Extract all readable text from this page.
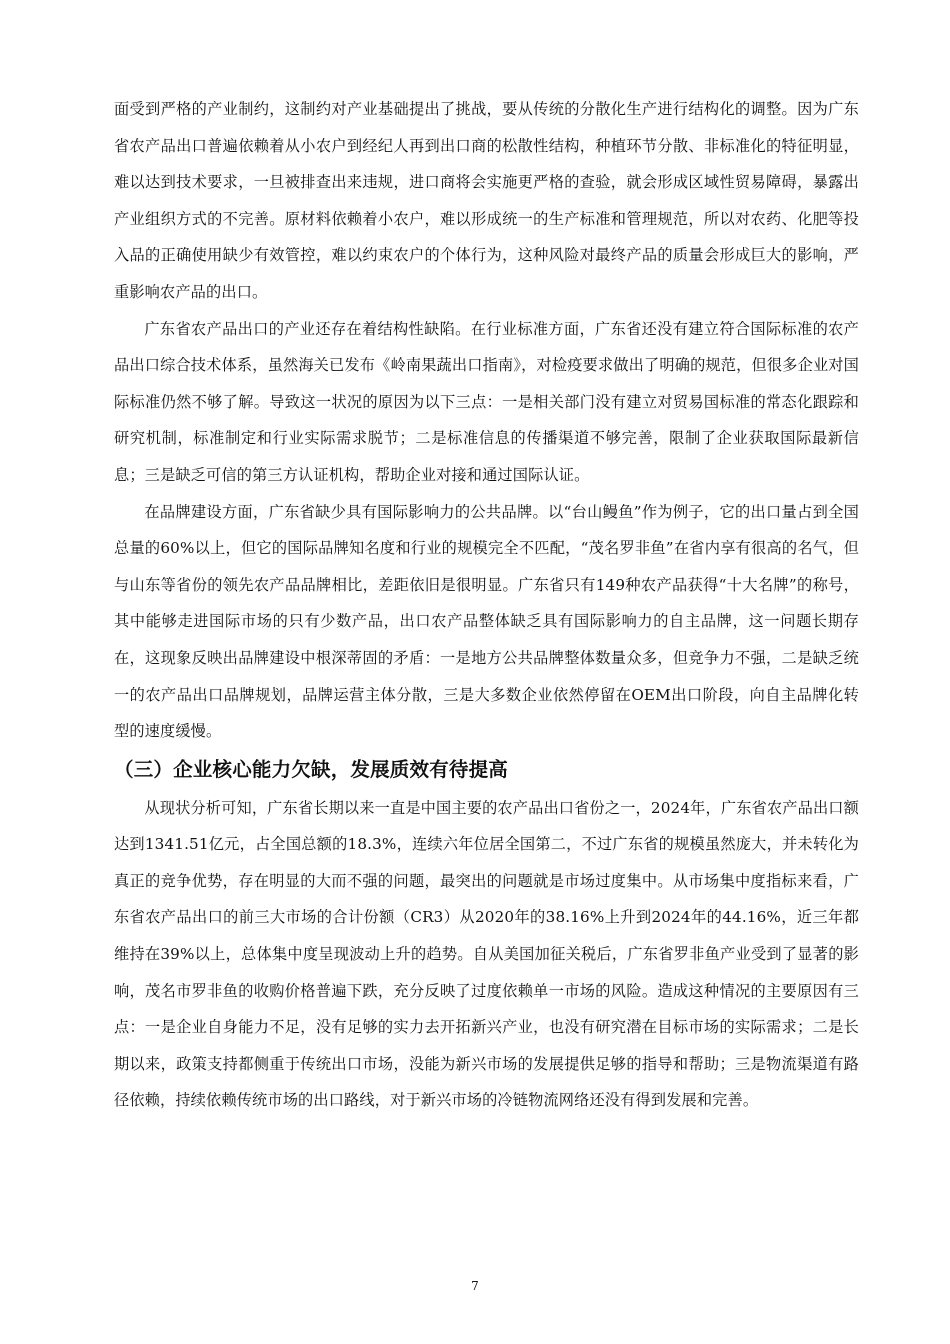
面受到严格的产业制约，这制约对产业基础提出了挑战，要从传统的分散化生产进行结构化的调整。因为广东省农产品出口普遍依赖着从小农户到经纪人再到出口商的松散性结构，种植环节分散、非标准化的特征明显，难以达到技术要求，一旦被排查出来违规，进口商将会实施更严格的查验，就会形成区域性贸易障碍，暴露出产业组织方式的不完善。原材料依赖着小农户，难以形成统一的生产标准和管理规范，所以对农药、化肥等投入品的正确使用缺少有效管控，难以约束农户的个体行为，这种风险对最终产品的质量会形成巨大的影响，严重影响农产品的出口。

广东省农产品出口的产业还存在着结构性缺陷。在行业标准方面，广东省还没有建立符合国际标准的农产品出口综合技术体系，虽然海关已发布《岭南果蔬出口指南》，对检疫要求做出了明确的规范，但很多企业对国际标准仍然不够了解。导致这一状况的原因为以下三点：一是相关部门没有建立对贸易国标准的常态化跟踪和研究机制，标准制定和行业实际需求脱节；二是标准信息的传播渠道不够完善，限制了企业获取国际最新信息；三是缺乏可信的第三方认证机构，帮助企业对接和通过国际认证。

在品牌建设方面，广东省缺少具有国际影响力的公共品牌。以“台山鳗鱼”作为例子，它的出口量占到全国总量的60%以上，但它的国际品牌知名度和行业的规模完全不匹配，“茂名罗非鱼”在省内享有很高的名气，但与山东等省份的领先农产品品牌相比，差距依旧是很明显。广东省只有149种农产品获得“十大名牌”的称号，其中能够走进国际市场的只有少数产品，出口农产品整体缺乏具有国际影响力的自主品牌，这一问题长期存在，这现象反映出品牌建设中根深蒂固的矛盾：一是地方公共品牌整体数量众多，但竞争力不强，二是缺乏统一的农产品出口品牌规划，品牌运营主体分散，三是大多数企业依然停留在OEM出口阶段，向自主品牌化转型的速度缓慢。

（三）企业核心能力欠缺，发展质效有待提高

从现状分析可知，广东省长期以来一直是中国主要的农产品出口省份之一，2024年，广东省农产品出口额达到1341.51亿元，占全国总额的18.3%，连续六年位居全国第二，不过广东省的规模虽然庞大，并未转化为真正的竞争优势，存在明显的大而不强的问题，最突出的问题就是市场过度集中。从市场集中度指标来看，广东省农产品出口的前三大市场的合计份额（CR3）从2020年的38.16%上升到2024年的44.16%，近三年都维持在39%以上，总体集中度呈现波动上升的趋势。自从美国加征关税后，广东省罗非鱼产业受到了显著的影响，茂名市罗非鱼的收购价格普遍下跌，充分反映了过度依赖单一市场的风险。造成这种情况的主要原因有三点：一是企业自身能力不足，没有足够的实力去开拓新兴产业，也没有研究潜在目标市场的实际需求；二是长期以来，政策支持都侧重于传统出口市场，没能为新兴市场的发展提供足够的指导和帮助；三是物流渠道有路径依赖，持续依赖传统市场的出口路线，对于新兴市场的冷链物流网络还没有得到发展和完善。

7
